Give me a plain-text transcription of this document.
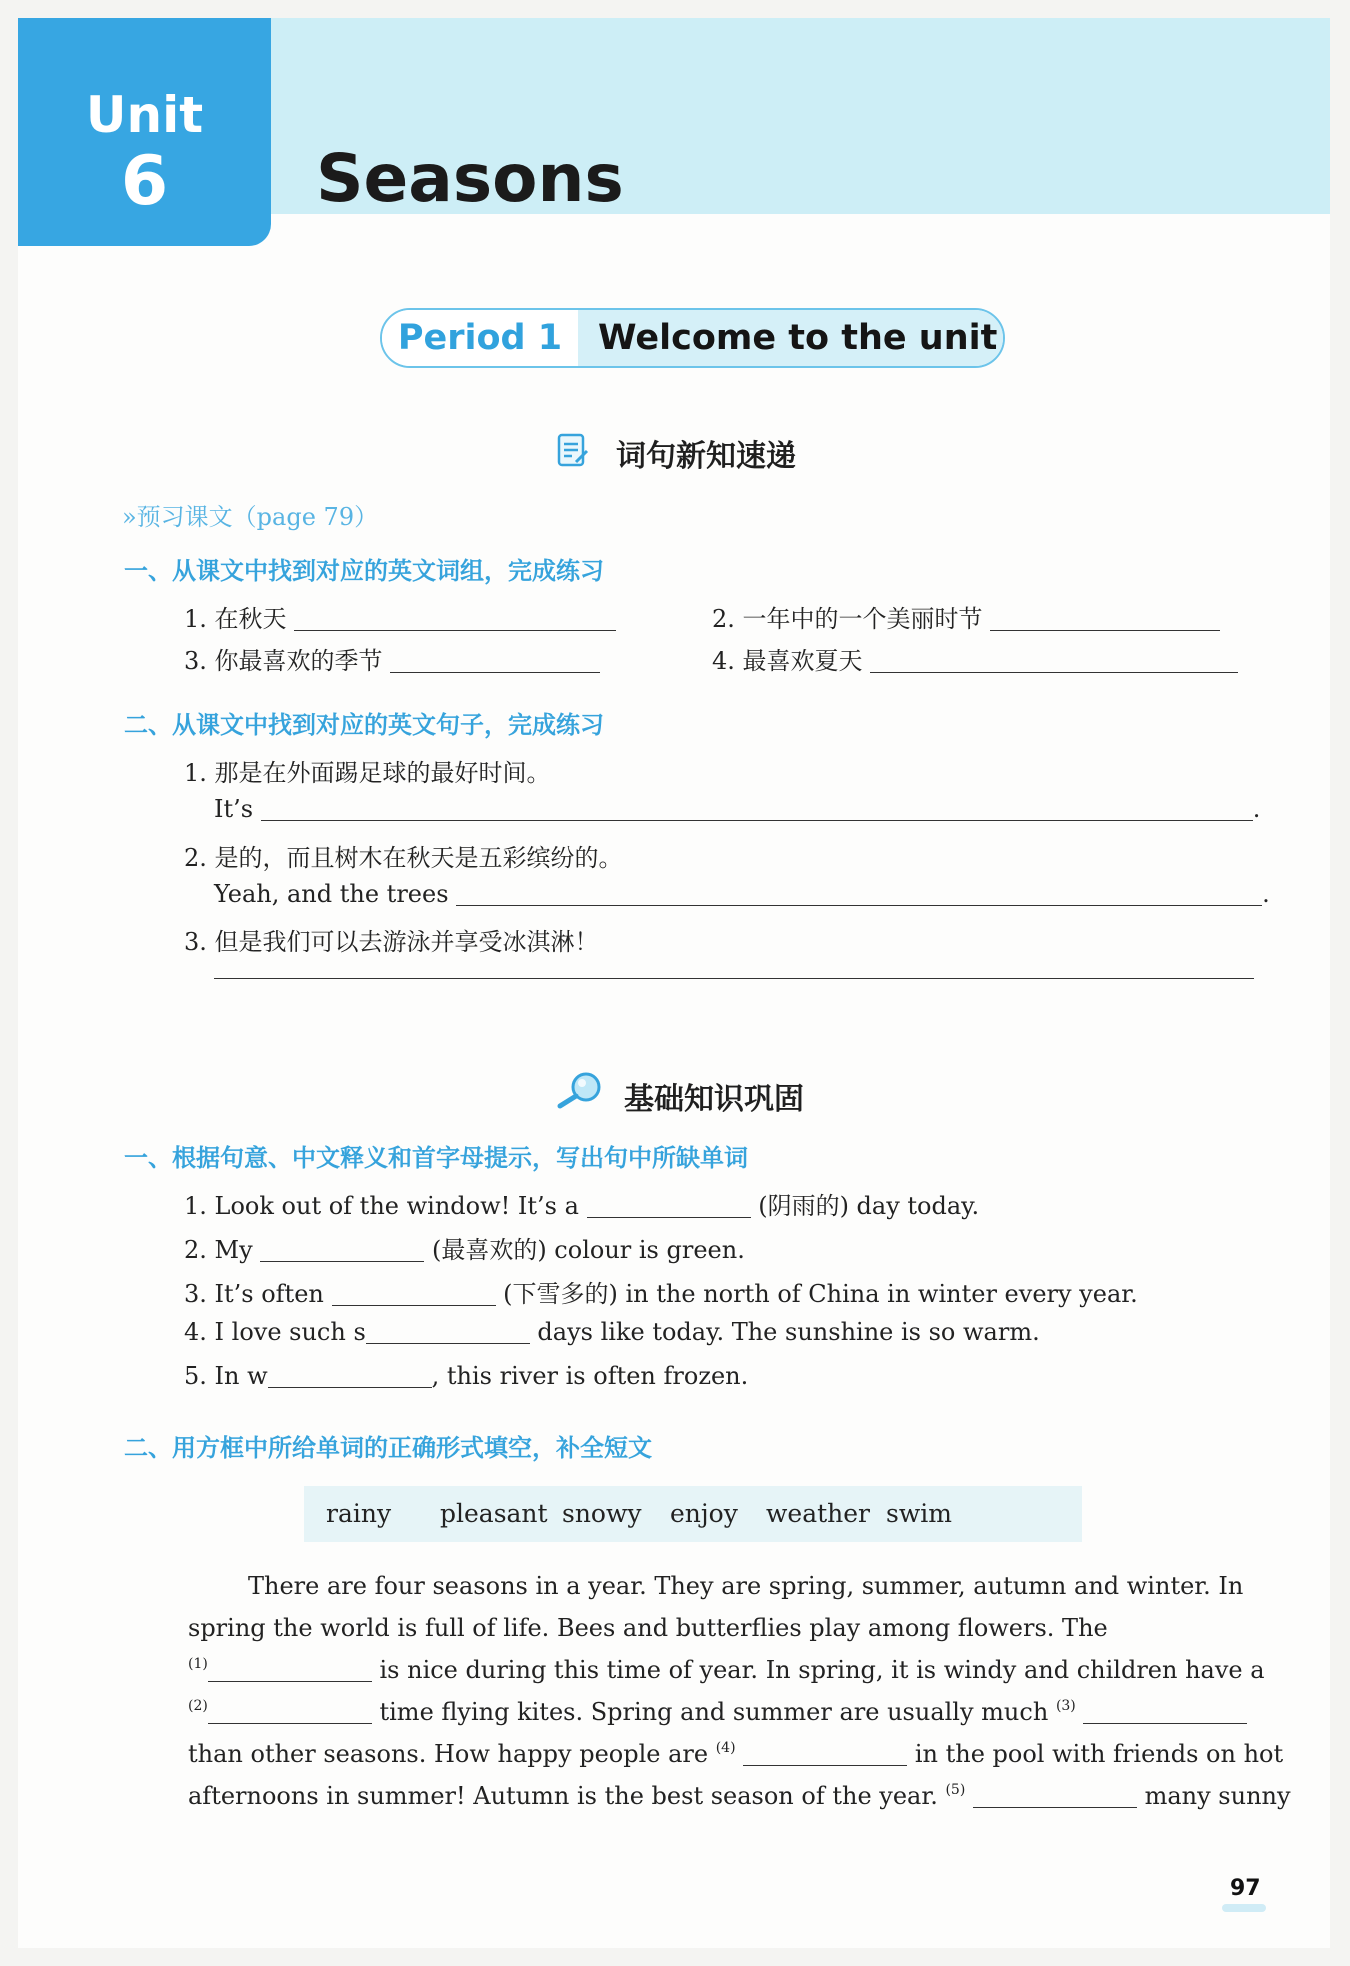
Unit
6	Seasons
Period 1	Welcome to the unit
词句新知速递
»预习课文（page 79）
一、从课文中找到对应的英文词组，完成练习
1. 在秋天	2. 一年中的一个美丽时节
3. 你最喜欢的季节	4. 最喜欢夏天
二、从课文中找到对应的英文句子，完成练习
1. 那是在外面踢足球的最好时间。
It’s	.
2. 是的，而且树木在秋天是五彩缤纷的。
Yeah, and the trees	.
3. 但是我们可以去游泳并享受冰淇淋！
基础知识巩固
一、根据句意、中文释义和首字母提示，写出句中所缺单词
1. Look out of the window! It’s a	(阴雨的) day today.
2. My	(最喜欢的) colour is green.
3. It’s often	(下雪多的) in the north of China in winter every year.
4. I love such s	days like today. The sunshine is so warm.
5. In w	, this river is often frozen.
二、用方框中所给单词的正确形式填空，补全短文
rainy pleasant snowy enjoy weather swim
There are four seasons in a year. They are spring, summer, autumn and winter. In
spring the world is full of life. Bees and butterflies play among flowers. The
$^{(1)}$	is nice during this time of year. In spring, it is windy and children have a
$^{(2)}$	time flying kites. Spring and summer are usually much $^{(3)}$
than other seasons. How happy people are $^{(4)}$	in the pool with friends on hot
afternoons in summer! Autumn is the best season of the year. $^{(5)}$	many sunny
97
